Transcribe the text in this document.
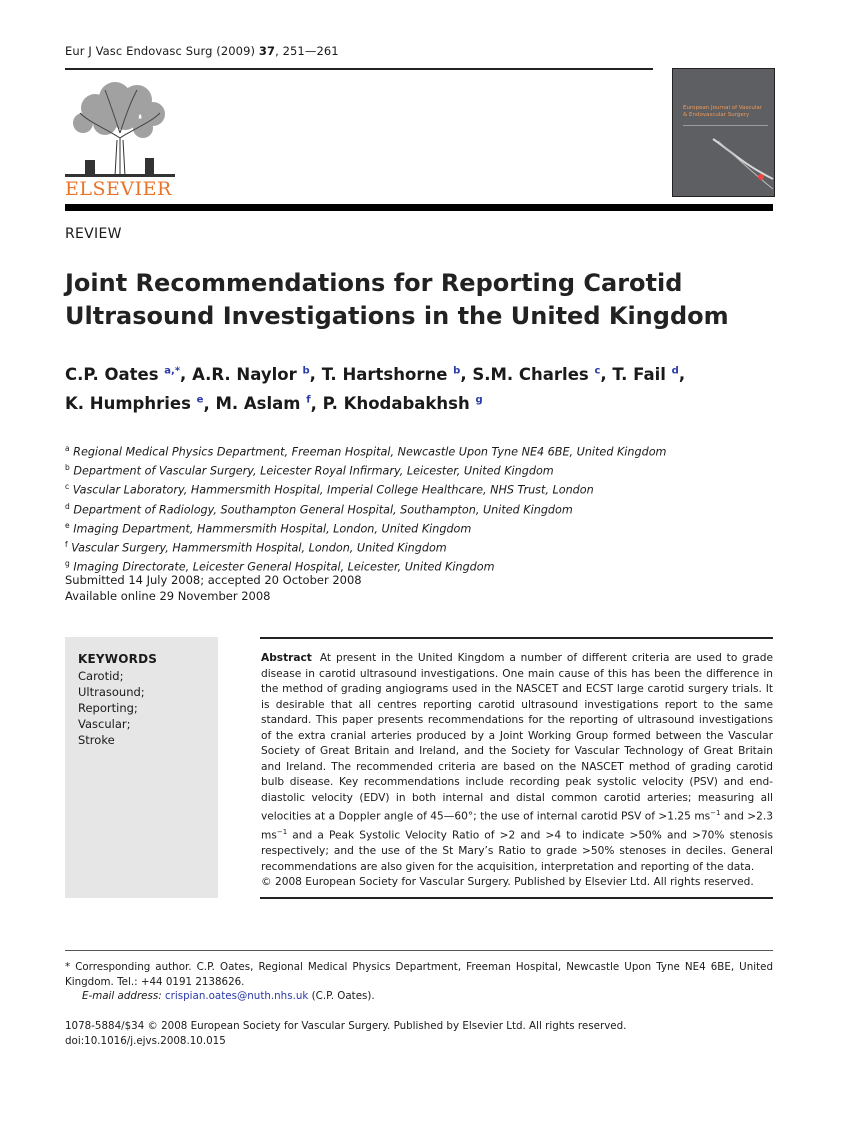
Eur J Vasc Endovasc Surg (2009) 37, 251—261
ELSEVIER
European Journal of Vascular & Endovascular Surgery
REVIEW
Joint Recommendations for Reporting Carotid Ultrasound Investigations in the United Kingdom
C.P. Oates $^{a,*}$, A.R. Naylor $^b$, T. Hartshorne $^b$, S.M. Charles $^c$, T. Fail $^d$,
K. Humphries $^e$, M. Aslam $^f$, P. Khodabakhsh $^g$
$^a$ Regional Medical Physics Department, Freeman Hospital, Newcastle Upon Tyne NE4 6BE, United Kingdom
$^b$ Department of Vascular Surgery, Leicester Royal Infirmary, Leicester, United Kingdom
$^c$ Vascular Laboratory, Hammersmith Hospital, Imperial College Healthcare, NHS Trust, London
$^d$ Department of Radiology, Southampton General Hospital, Southampton, United Kingdom
$^e$ Imaging Department, Hammersmith Hospital, London, United Kingdom
$^f$ Vascular Surgery, Hammersmith Hospital, London, United Kingdom
$^g$ Imaging Directorate, Leicester General Hospital, Leicester, United Kingdom
Submitted 14 July 2008; accepted 20 October 2008
Available online 29 November 2008
KEYWORDS
Carotid;
Ultrasound;
Reporting;
Vascular;
Stroke
Abstract At present in the United Kingdom a number of different criteria are used to grade disease in carotid ultrasound investigations. One main cause of this has been the difference in the method of grading angiograms used in the NASCET and ECST large carotid surgery trials. It is desirable that all centres reporting carotid ultrasound investigations report to the same standard. This paper presents recommendations for the reporting of ultrasound investigations of the extra cranial arteries produced by a Joint Working Group formed between the Vascular Society of Great Britain and Ireland, and the Society for Vascular Technology of Great Britain and Ireland. The recommended criteria are based on the NASCET method of grading carotid bulb disease. Key recommendations include recording peak systolic velocity (PSV) and end-diastolic velocity (EDV) in both internal and distal common carotid arteries; measuring all velocities at a Doppler angle of 45—60°; the use of internal carotid PSV of >1.25 $ms^{-1}$ and >2.3 $ms^{-1}$ and a Peak Systolic Velocity Ratio of >2 and >4 to indicate >50% and >70% stenosis respectively; and the use of the St Mary’s Ratio to grade >50% stenoses in deciles. General recommendations are also given for the acquisition, interpretation and reporting of the data.
© 2008 European Society for Vascular Surgery. Published by Elsevier Ltd. All rights reserved.
* Corresponding author. C.P. Oates, Regional Medical Physics Department, Freeman Hospital, Newcastle Upon Tyne NE4 6BE, United Kingdom. Tel.: +44 0191 2138626.
E-mail address: crispian.oates@nuth.nhs.uk (C.P. Oates).
1078-5884/$34 © 2008 European Society for Vascular Surgery. Published by Elsevier Ltd. All rights reserved.
doi:10.1016/j.ejvs.2008.10.015
